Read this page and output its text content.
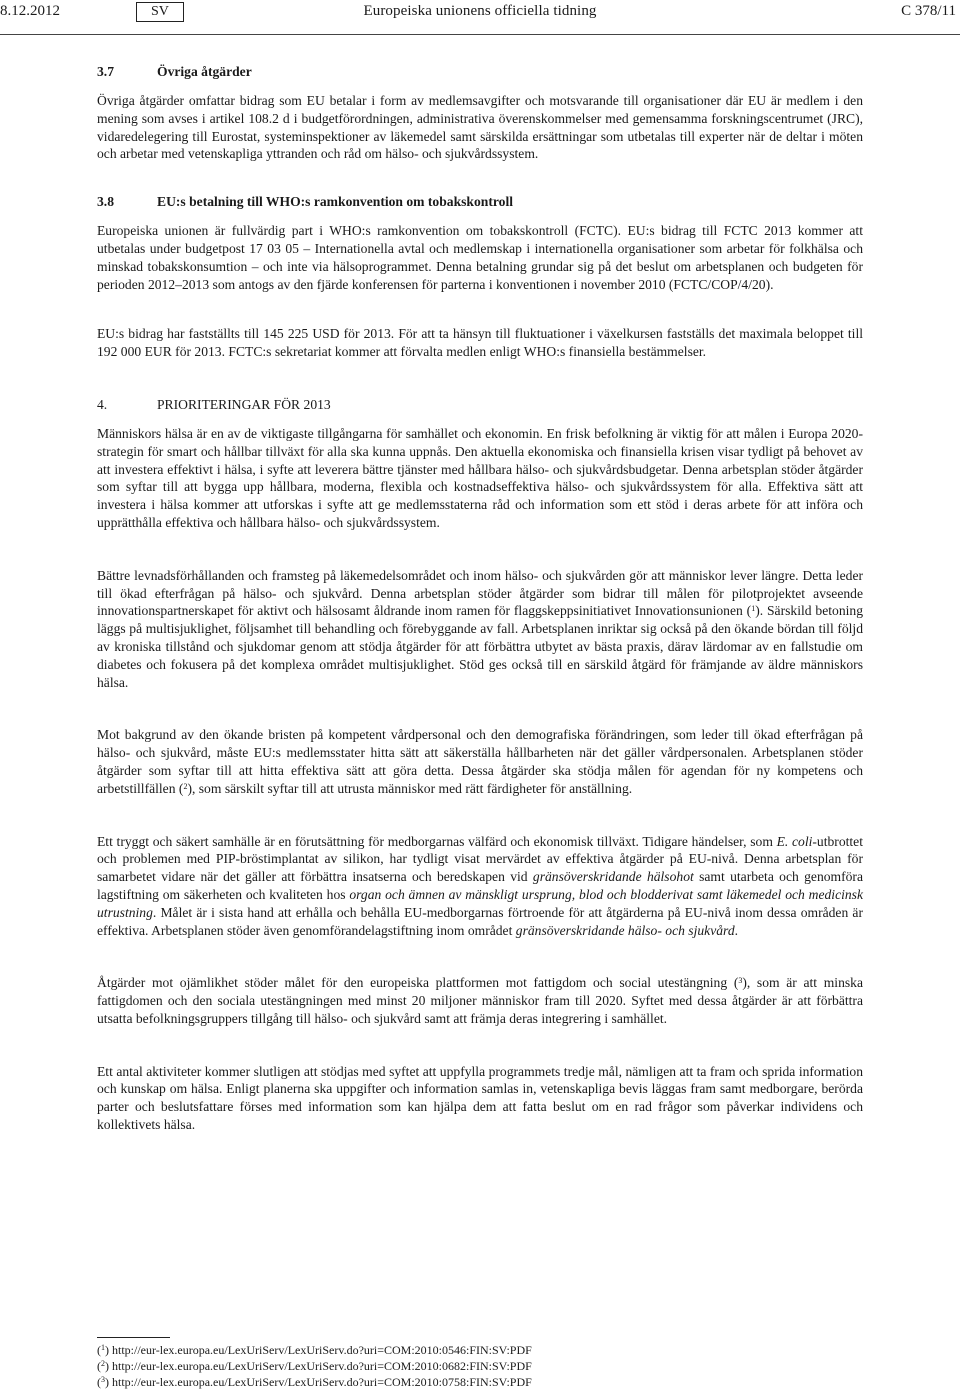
8.12.2012	SV	Europeiska unionens officiella tidning	C 378/11
3.7	Övriga åtgärder

Övriga åtgärder omfattar bidrag som EU betalar i form av medlemsavgifter och motsvarande till organisationer där EU är medlem i den mening som avses i artikel 108.2 d i budgetförordningen, administrativa överenskommelser med gemensamma forskningscentrumet (JRC), vidaredelegering till Eurostat, systeminspektioner av läkemedel samt särskilda ersättningar som utbetalas till experter när de deltar i möten och arbetar med vetenskapliga yttranden och råd om hälso- och sjukvårdssystem.

3.8	EU:s betalning till WHO:s ramkonvention om tobakskontroll

Europeiska unionen är fullvärdig part i WHO:s ramkonvention om tobakskontroll (FCTC). EU:s bidrag till FCTC 2013 kommer att utbetalas under budgetpost 17 03 05 – Internationella avtal och medlemskap i internationella organisationer som arbetar för folkhälsa och minskad tobakskonsumtion – och inte via hälsoprogrammet. Denna betalning grundar sig på det beslut om arbetsplanen och budgeten för perioden 2012–2013 som antogs av den fjärde konferensen för parterna i konventionen i november 2010 (FCTC/COP/4/20).

EU:s bidrag har fastställts till 145 225 USD för 2013. För att ta hänsyn till fluktuationer i växelkursen fastställs det maximala beloppet till 192 000 EUR för 2013. FCTC:s sekretariat kommer att förvalta medlen enligt WHO:s finansiella bestämmelser.

4.	PRIORITERINGAR FÖR 2013

Människors hälsa är en av de viktigaste tillgångarna för samhället och ekonomin. En frisk befolkning är viktig för att målen i Europa 2020-strategin för smart och hållbar tillväxt för alla ska kunna uppnås. Den aktuella ekonomiska och finansiella krisen visar tydligt på behovet av att investera effektivt i hälsa, i syfte att leverera bättre tjänster med hållbara hälso- och sjukvårdsbudgetar. Denna arbetsplan stöder åtgärder som syftar till att bygga upp hållbara, moderna, flexibla och kostnadseffektiva hälso- och sjukvårdssystem för alla. Effektiva sätt att investera i hälsa kommer att utforskas i syfte att ge medlemsstaterna råd och information som ett stöd i deras arbete för att införa och upprätthålla effektiva och hållbara hälso- och sjukvårdssystem.

Bättre levnadsförhållanden och framsteg på läkemedelsområdet och inom hälso- och sjukvården gör att människor lever längre. Detta leder till ökad efterfrågan på hälso- och sjukvård. Denna arbetsplan stöder åtgärder som bidrar till målen för pilotprojektet avseende innovationspartnerskapet för aktivt och hälsosamt åldrande inom ramen för flaggskeppsinitiativet Innovationsunionen ($^1$). Särskild betoning läggs på multisjuklighet, följsamhet till behandling och förebyggande av fall. Arbetsplanen inriktar sig också på den ökande bördan till följd av kroniska tillstånd och sjukdomar genom att stödja åtgärder för att förbättra utbytet av bästa praxis, därav lärdomar av en fallstudie om diabetes och fokusera på det komplexa området multisjuklighet. Stöd ges också till en särskild åtgärd för främjande av äldre människors hälsa.

Mot bakgrund av den ökande bristen på kompetent vårdpersonal och den demografiska förändringen, som leder till ökad efterfrågan på hälso- och sjukvård, måste EU:s medlemsstater hitta sätt att säkerställa hållbarheten när det gäller vårdpersonalen. Arbetsplanen stöder åtgärder som syftar till att hitta effektiva sätt att göra detta. Dessa åtgärder ska stödja målen för agendan för ny kompetens och arbetstillfällen ($^2$), som särskilt syftar till att utrusta människor med rätt färdigheter för anställning.

Ett tryggt och säkert samhälle är en förutsättning för medborgarnas välfärd och ekonomisk tillväxt. Tidigare händelser, som E. coli-utbrottet och problemen med PIP-bröstimplantat av silikon, har tydligt visat mervärdet av effektiva åtgärder på EU-nivå. Denna arbetsplan för samarbetet vidare när det gäller att förbättra insatserna och beredskapen vid gränsöverskridande hälsohot samt utarbeta och genomföra lagstiftning om säkerheten och kvaliteten hos organ och ämnen av mänskligt ursprung, blod och blodderivat samt läkemedel och medicinsk utrustning. Målet är i sista hand att erhålla och behålla EU-medborgarnas förtroende för att åtgärderna på EU-nivå inom dessa områden är effektiva. Arbetsplanen stöder även genomförandelagstiftning inom området gränsöverskridande hälso- och sjukvård.

Åtgärder mot ojämlikhet stöder målet för den europeiska plattformen mot fattigdom och social utestängning ($^3$), som är att minska fattigdomen och den sociala utestängningen med minst 20 miljoner människor fram till 2020. Syftet med dessa åtgärder är att förbättra utsatta befolkningsgruppers tillgång till hälso- och sjukvård samt att främja deras integrering i samhället.

Ett antal aktiviteter kommer slutligen att stödjas med syftet att uppfylla programmets tredje mål, nämligen att ta fram och sprida information och kunskap om hälsa. Enligt planerna ska uppgifter och information samlas in, vetenskapliga bevis läggas fram samt medborgare, berörda parter och beslutsfattare förses med information som kan hjälpa dem att fatta beslut om en rad frågor som påverkar individens och kollektivets hälsa.

($^1$) http://eur-lex.europa.eu/LexUriServ/LexUriServ.do?uri=COM:2010:0546:FIN:SV:PDF
($^2$) http://eur-lex.europa.eu/LexUriServ/LexUriServ.do?uri=COM:2010:0682:FIN:SV:PDF
($^3$) http://eur-lex.europa.eu/LexUriServ/LexUriServ.do?uri=COM:2010:0758:FIN:SV:PDF
